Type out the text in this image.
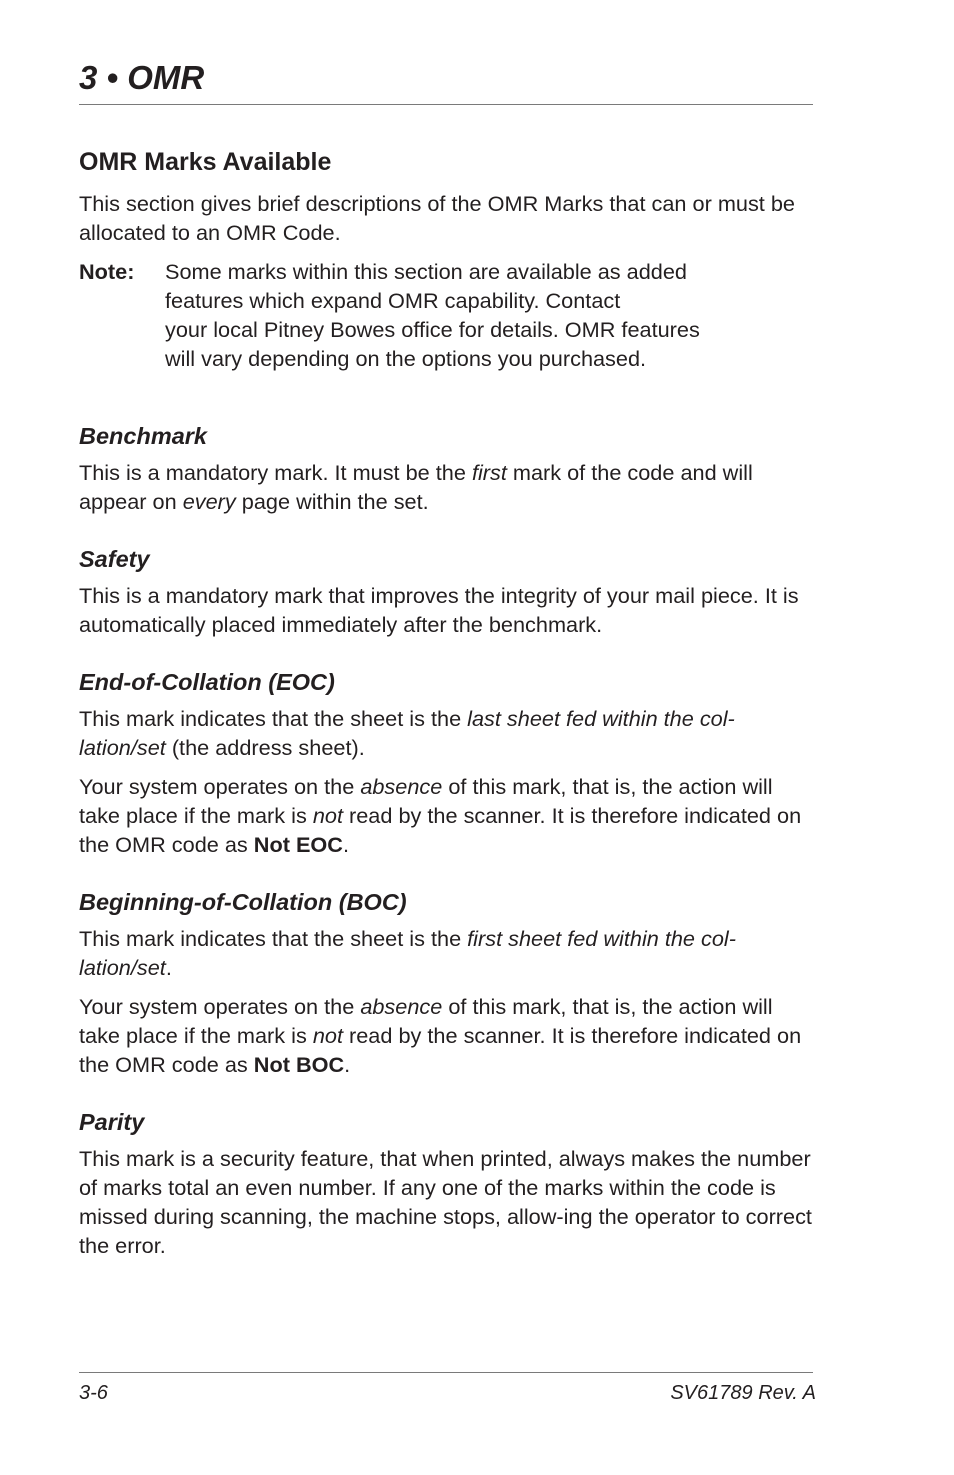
3 • OMR
OMR Marks Available

This section gives brief descriptions of the OMR Marks that can or must be allocated to an OMR Code.

Note:	Some marks within this section are available as added
features which expand OMR capability. Contact
your local Pitney Bowes office for details. OMR features
will vary depending on the options you purchased.
Benchmark

This is a mandatory mark. It must be the first mark of the code and will appear on every page within the set.

Safety

This is a mandatory mark that improves the integrity of your mail piece. It is automatically placed immediately after the benchmark.

End-of-Collation (EOC)

This mark indicates that the sheet is the last sheet fed within the col-lation/set (the address sheet).

Your system operates on the absence of this mark, that is, the action will take place if the mark is not read by the scanner. It is therefore indicated on the OMR code as Not EOC.

Beginning-of-Collation (BOC)

This mark indicates that the sheet is the first sheet fed within the col-lation/set.

Your system operates on the absence of this mark, that is, the action will take place if the mark is not read by the scanner. It is therefore indicated on the OMR code as Not BOC.

Parity

This mark is a security feature, that when printed, always makes the number of marks total an even number. If any one of the marks within the code is missed during scanning, the machine stops, allow-ing the operator to correct the error.

3-6	SV61789 Rev. A
